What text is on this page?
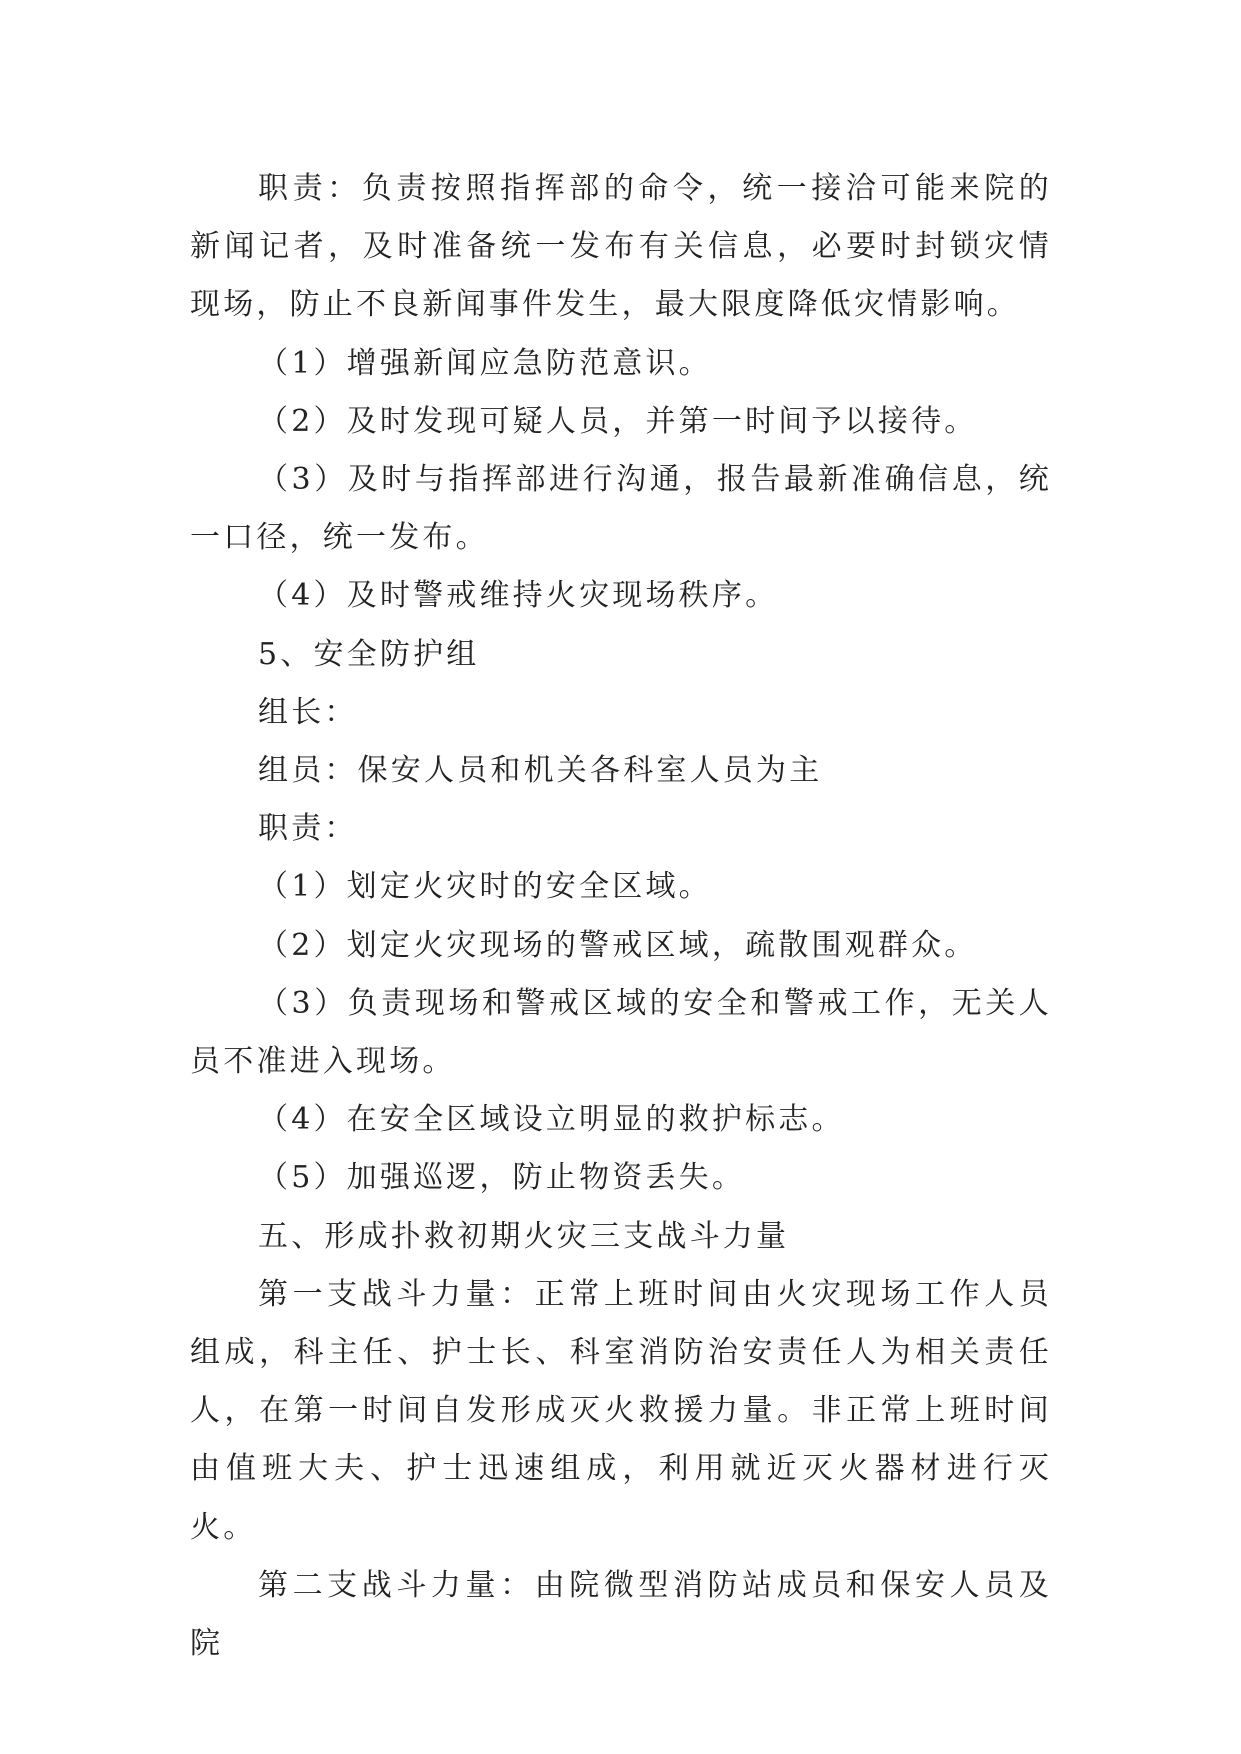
职责：负责按照指挥部的命令，统一接洽可能来院的新闻记者，及时准备统一发布有关信息，必要时封锁灾情现场，防止不良新闻事件发生，最大限度降低灾情影响。

（1）增强新闻应急防范意识。

（2）及时发现可疑人员，并第一时间予以接待。

（3）及时与指挥部进行沟通，报告最新准确信息，统一口径，统一发布。

（4）及时警戒维持火灾现场秩序。

5、安全防护组

组长：

组员：保安人员和机关各科室人员为主

职责：

（1）划定火灾时的安全区域。

（2）划定火灾现场的警戒区域，疏散围观群众。

（3）负责现场和警戒区域的安全和警戒工作，无关人员不准进入现场。

（4）在安全区域设立明显的救护标志。

（5）加强巡逻，防止物资丢失。

五、形成扑救初期火灾三支战斗力量

第一支战斗力量：正常上班时间由火灾现场工作人员组成，科主任、护士长、科室消防治安责任人为相关责任人，在第一时间自发形成灭火救援力量。非正常上班时间由值班大夫、护士迅速组成，利用就近灭火器材进行灭火。

第二支战斗力量：由院微型消防站成员和保安人员及院
